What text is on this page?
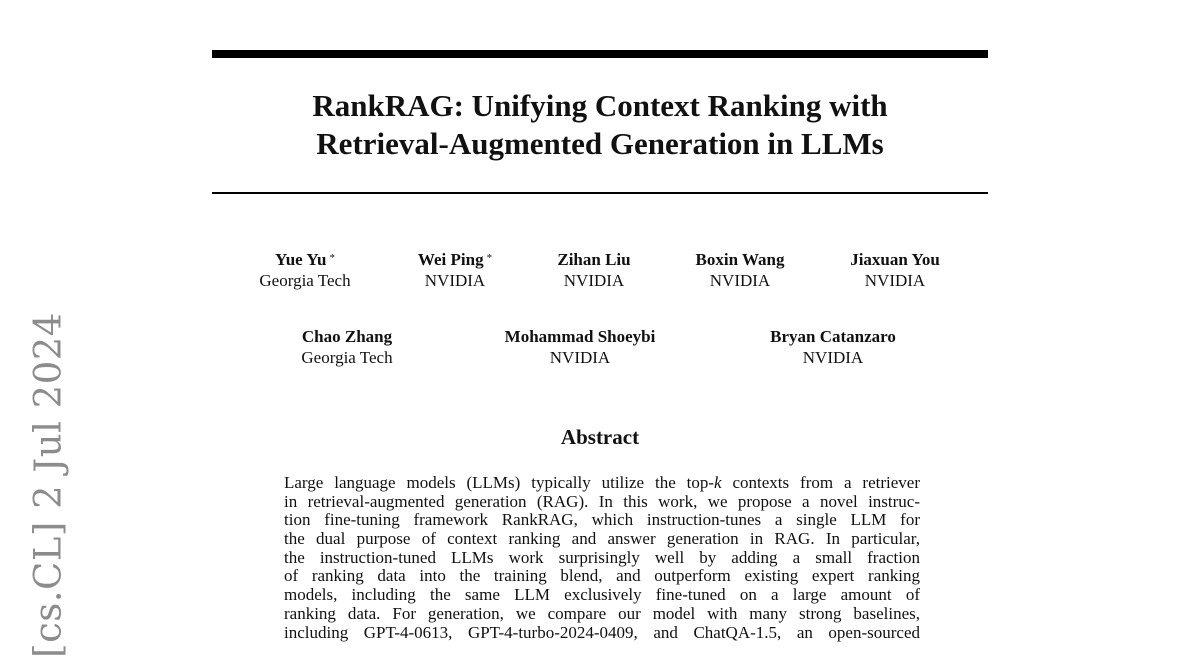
[cs.CL] 2 Jul 2024
RankRAG: Unifying Context Ranking with
Retrieval-Augmented Generation in LLMs
Yue Yu *
Georgia Tech
Wei Ping *
NVIDIA
Zihan Liu
NVIDIA
Boxin Wang
NVIDIA
Jiaxuan You
NVIDIA
Chao Zhang
Georgia Tech
Mohammad Shoeybi
NVIDIA
Bryan Catanzaro
NVIDIA
Abstract
Large language models (LLMs) typically utilize the top-k contexts from a retriever
in retrieval-augmented generation (RAG). In this work, we propose a novel instruc-
tion fine-tuning framework RankRAG, which instruction-tunes a single LLM for
the dual purpose of context ranking and answer generation in RAG. In particular,
the instruction-tuned LLMs work surprisingly well by adding a small fraction
of ranking data into the training blend, and outperform existing expert ranking
models, including the same LLM exclusively fine-tuned on a large amount of
ranking data. For generation, we compare our model with many strong baselines,
including GPT-4-0613, GPT-4-turbo-2024-0409, and ChatQA-1.5, an open-sourced
